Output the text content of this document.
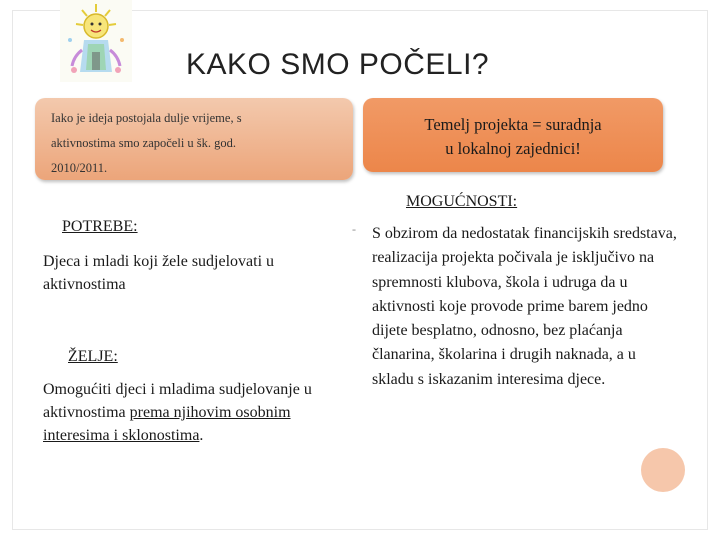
KAKO SMO POČELI?
Iako je ideja postojala dulje vrijeme, s
aktivnostima smo započeli u šk. god.
2010/2011.
Temelj projekta = suradnja
u lokalnoj zajednici!
MOGUĆNOSTI:
POTREBE:
Djeca i mladi koji žele sudjelovati u aktivnostima
ŽELJE:
Omogućiti djeci i mladima sudjelovanje u aktivnostima prema njihovim osobnim interesima i sklonostima.
- S obzirom da nedostatak financijskih sredstava, realizacija projekta počivala je isključivo na spremnosti klubova, škola i udruga da u aktivnosti koje provode prime barem jedno dijete besplatno, odnosno, bez plaćanja članarina, školarina i drugih naknada, a u skladu s iskazanim interesima djece.
